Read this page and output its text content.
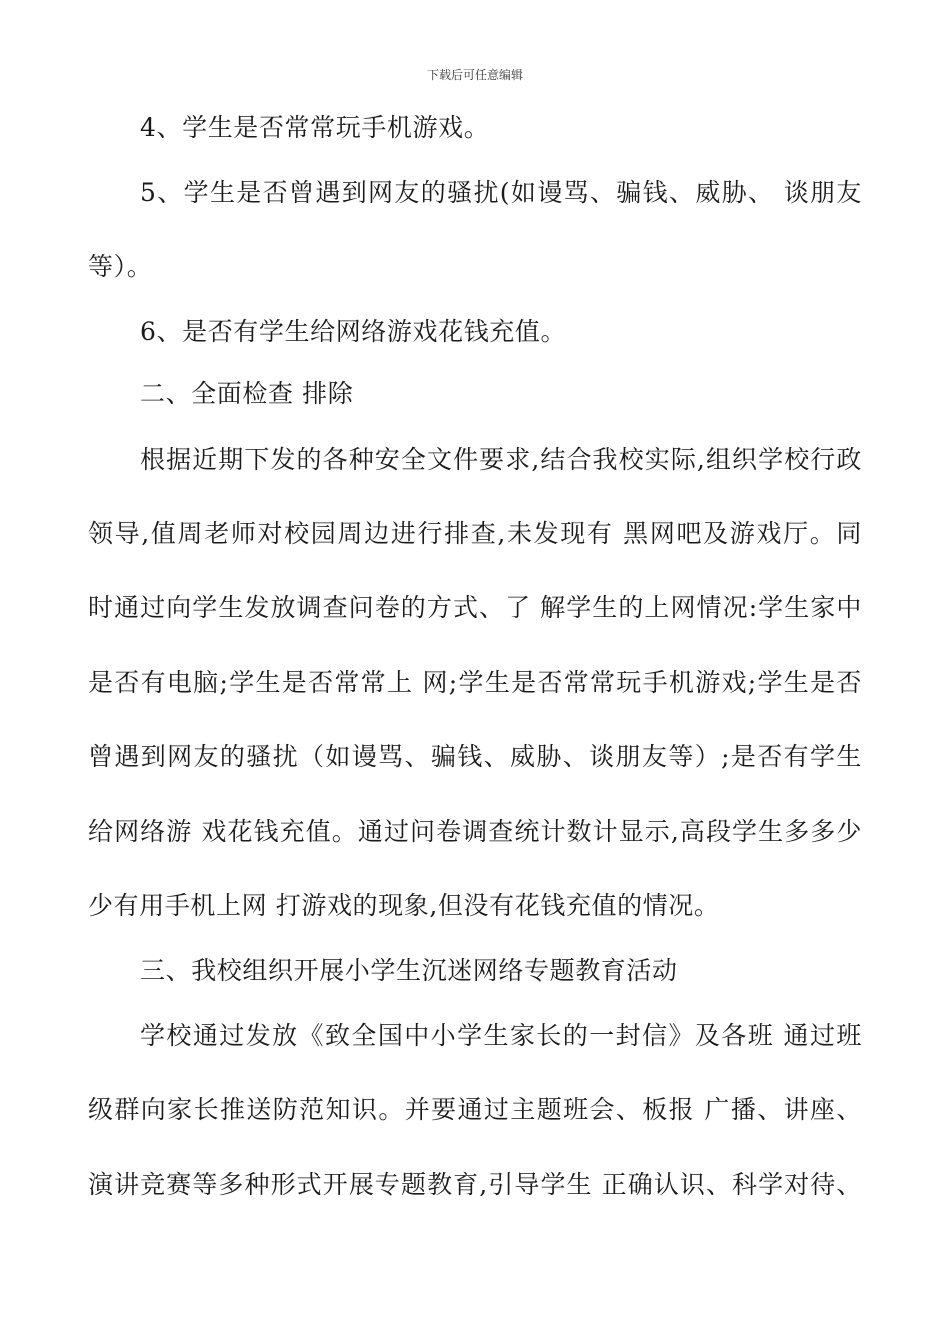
下载后可任意编辑
4、学生是否常常玩手机游戏。
5、学生是否曾遇到网友的骚扰(如谩骂、骗钱、威胁、 谈朋友
等）。
6、是否有学生给网络游戏花钱充值。
二、全面检查 排除
根据近期下发的各种安全文件要求,结合我校实际,组织学校行政
领导,值周老师对校园周边进行排查,未发现有 黑网吧及游戏厅。同
时通过向学生发放调查问卷的方式、了 解学生的上网情况:学生家中
是否有电脑;学生是否常常上 网;学生是否常常玩手机游戏;学生是否
曾遇到网友的骚扰（如谩骂、骗钱、威胁、谈朋友等）;是否有学生
给网络游 戏花钱充值。通过问卷调查统计数计显示,高段学生多多少
少有用手机上网 打游戏的现象,但没有花钱充值的情况。
三、我校组织开展小学生沉迷网络专题教育活动
学校通过发放《致全国中小学生家长的一封信》及各班 通过班
级群向家长推送防范知识。并要通过主题班会、板报 广播、讲座、
演讲竞赛等多种形式开展专题教育,引导学生 正确认识、科学对待、
